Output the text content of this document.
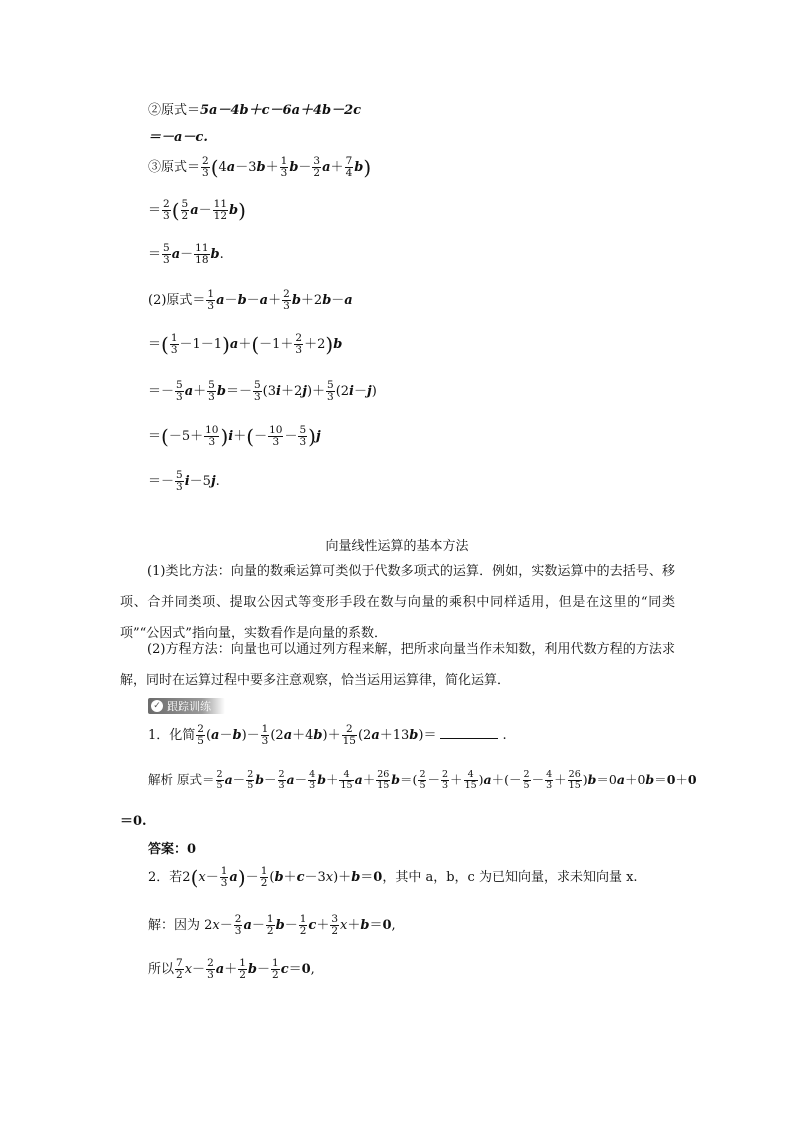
②原式＝5a－4b＋c－6a＋4b－2c
＝－a－c.
③原式＝ $\frac{2}{3} (4a-3b+ \frac{1}{3} b- \frac{3}{2} a+ \frac{7}{4} b)$
＝ $\frac{2}{3}$ ( $\frac{5}{2} a- \frac{11}{12} b$)
＝ $\frac{5}{3} a- \frac{11}{18} b$.
(2)原式＝ $\frac{1}{3} a-b-a+ \frac{2}{3} b+2b-a$
＝( $\frac{1}{3} -1-1)a+(-1+ \frac{2}{3} +2)b$
＝－ $\frac{5}{3} a+ \frac{5}{3} b=- \frac{5}{3} (3i+2j)+ \frac{5}{3} (2i-j)$
$=(-5+ \frac{10}{3} )i+(- \frac{10}{3} - \frac{5}{3} )j$
＝－ $\frac{5}{3} i-5j$.
向量线性运算的基本方法
(1)类比方法：向量的数乘运算可类似于代数多项式的运算．例如，实数运算中的去括号、移项、合并同类项、提取公因式等变形手段在数与向量的乘积中同样适用，但是在这里的“同类项”“公因式”指向量，实数看作是向量的系数．
(2)方程方法：向量也可以通过列方程来解，把所求向量当作未知数，利用代数方程的方法求解，同时在运算过程中要多注意观察，恰当运用运算律，简化运算．
✓ 跟踪训练
1．化简 $\frac{2}{5} (a-b)- \frac{1}{3} (2a+4b)+ \frac{2}{15} (2a+13b)=$	.
解析 原式＝ $\frac{2}{5} a- \frac{2}{5} b- \frac{2}{3} a- \frac{4}{3} b+ \frac{4}{15} a+ \frac{26}{15} b=( \frac{2}{5} - \frac{2}{3} + \frac{4}{15} )a+(- \frac{2}{5} - \frac{4}{3} + \frac{26}{15} )b=0a+0b=0+0$
＝0.
答案：0
2．若$2(x- \frac{1}{3} a)- \frac{1}{2} (b+c-3x)+b=0$，其中 a，b，c 为已知向量，求未知向量 x.
解：因为 $2x- \frac{2}{3} a- \frac{1}{2} b- \frac{1}{2} c+ \frac{3}{2} x+b=0$,
所以 $\frac{7}{2} x- \frac{2}{3} a+ \frac{1}{2} b- \frac{1}{2} c=0$,
